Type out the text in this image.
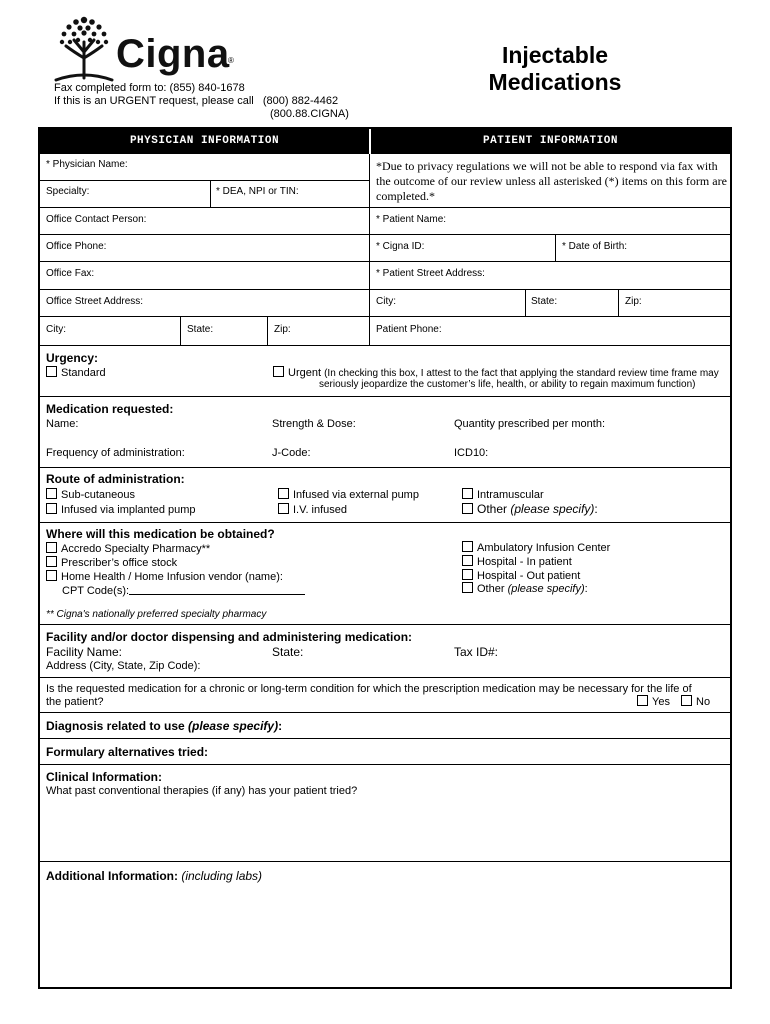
Cigna
®
Fax completed form to: (855) 840-1678
If this is an URGENT request, please call (800) 882-4462
(800.88.CIGNA)
Injectable
Medications
PHYSICIAN INFORMATION	PATIENT INFORMATION
* Physician Name:
Specialty:	* DEA, NPI or TIN:
Office Contact Person:
Office Phone:
Office Fax:
Office Street Address:
City:	State:	Zip:
*Due to privacy regulations we will not be able to respond via fax with the outcome of our review unless all asterisked (*) items on this form are completed.*
* Patient Name:
* Cigna ID:	* Date of Birth:
* Patient Street Address:
City:	State:	Zip:
Patient Phone:
Urgency:
Standard	Urgent (In checking this box, I attest to the fact that applying the standard review time frame may
seriously jeopardize the customer’s life, health, or ability to regain maximum function)
Medication requested:
Name:	Strength & Dose:	Quantity prescribed per month:
Frequency of administration:	J-Code:	ICD10:
Route of administration:
Sub-cutaneous
Infused via implanted pump
Infused via external pump
I.V. infused
Intramuscular
Other (please specify):
Where will this medication be obtained?
Accredo Specialty Pharmacy**
Prescriber’s office stock
Home Health / Home Infusion vendor (name):
CPT Code(s):
Ambulatory Infusion Center
Hospital - In patient
Hospital - Out patient
Other (please specify):
** Cigna's nationally preferred specialty pharmacy
Facility and/or doctor dispensing and administering medication:
Facility Name:	State:	Tax ID#:
Address (City, State, Zip Code):
Is the requested medication for a chronic or long-term condition for which the prescription medication may be necessary for the life of
the patient?	Yes	No
Diagnosis related to use (please specify):
Formulary alternatives tried:
Clinical Information:
What past conventional therapies (if any) has your patient tried?
Additional Information: (including labs)
